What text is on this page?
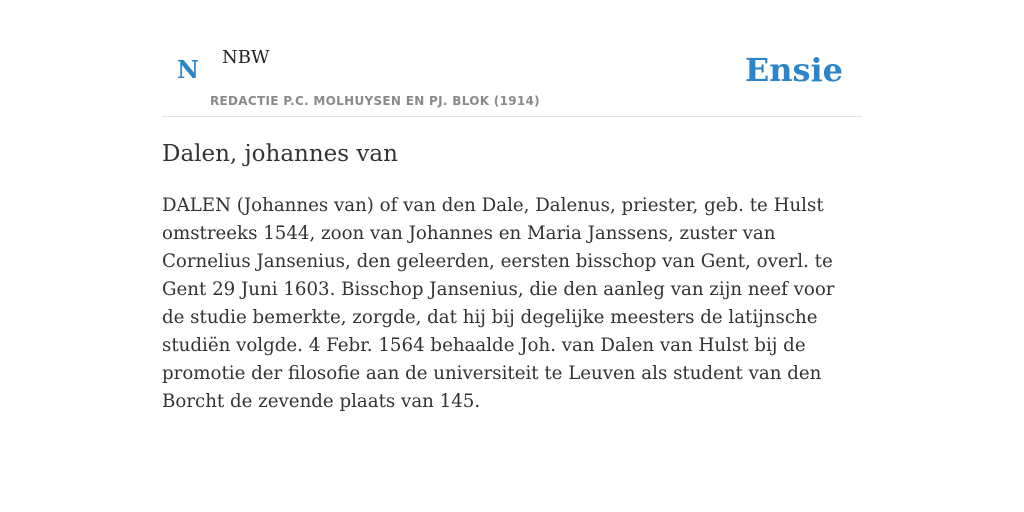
N NBW
REDACTIE P.C. MOLHUYSEN EN PJ. BLOK (1914)
Ensie
Dalen, johannes van

DALEN (Johannes van) of van den Dale, Dalenus, priester, geb. te Hulst omstreeks 1544, zoon van Johannes en Maria Janssens, zuster van Cornelius Jansenius, den geleerden, eersten bisschop van Gent, overl. te Gent 29 Juni 1603. Bisschop Jansenius, die den aanleg van zijn neef voor de studie bemerkte, zorgde, dat hij bij degelijke meesters de latijnsche studiën volgde. 4 Febr. 1564 behaalde Joh. van Dalen van Hulst bij de promotie der filosofie aan de universiteit te Leuven als student van den Borcht de zevende plaats van 145.
